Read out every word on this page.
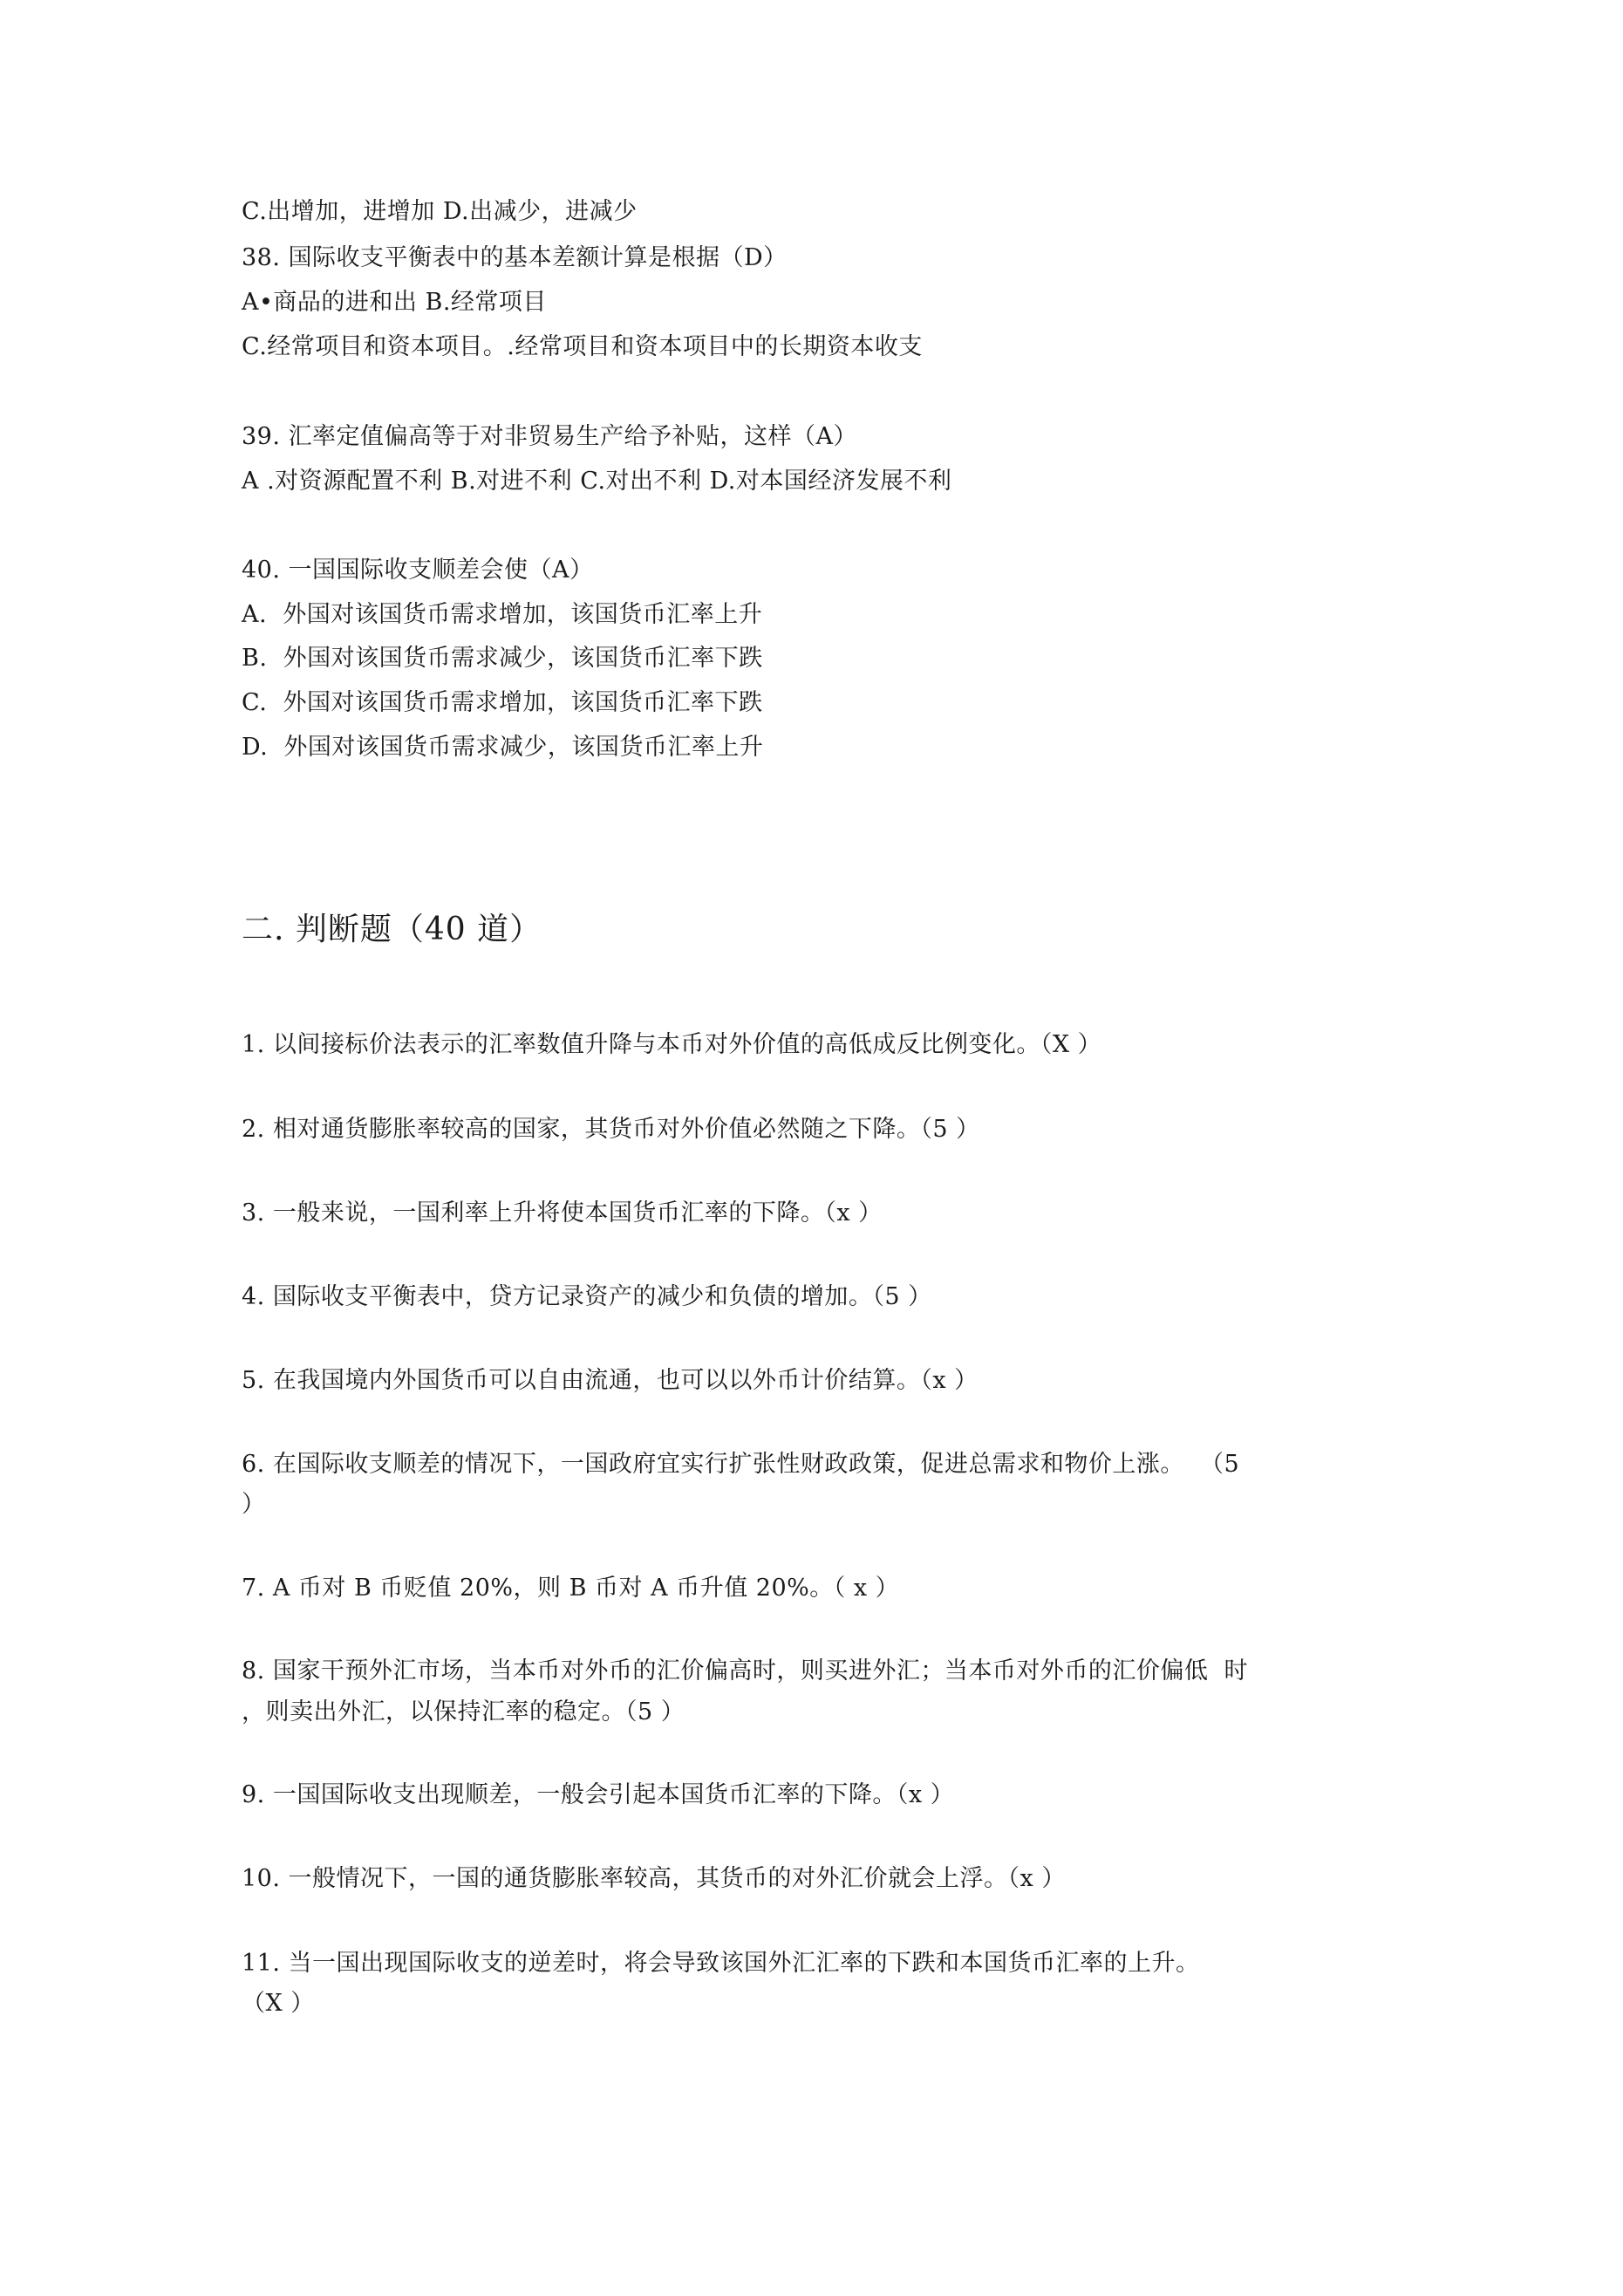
C.出增加，进增加 D.出减少，进减少
38. 国际收支平衡表中的基本差额计算是根据（D）
A•商品的进和出 B.经常项目
C.经常项目和资本项目。.经常项目和资本项目中的长期资本收支
39. 汇率定值偏高等于对非贸易生产给予补贴，这样（A）
A .对资源配置不利 B.对进不利 C.对出不利 D.对本国经济发展不利
40. 一国国际收支顺差会使（A）
A.  外国对该国货币需求增加，该国货币汇率上升
B.  外国对该国货币需求减少，该国货币汇率下跌
C.  外国对该国货币需求增加，该国货币汇率下跌
D.  外国对该国货币需求减少，该国货币汇率上升
二. 判断题（40 道）
1. 以间接标价法表示的汇率数值升降与本币对外价值的高低成反比例变化。（X ）
2. 相对通货膨胀率较高的国家，其货币对外价值必然随之下降。（5 ）
3. 一般来说，一国利率上升将使本国货币汇率的下降。（x ）
4. 国际收支平衡表中，贷方记录资产的减少和负债的增加。（5 ）
5. 在我国境内外国货币可以自由流通，也可以以外币计价结算。（x ）
6. 在国际收支顺差的情况下，一国政府宜实行扩张性财政政策，促进总需求和物价上涨。  （5
）
7. A 币对 B 币贬值 20%，则 B 币对 A 币升值 20%。（ x ）
8. 国家干预外汇市场，当本币对外币的汇价偏高时，则买进外汇；当本币对外币的汇价偏低  时
，则卖出外汇，以保持汇率的稳定。（5 ）
9. 一国国际收支出现顺差，一般会引起本国货币汇率的下降。（x ）
10. 一般情况下，一国的通货膨胀率较高，其货币的对外汇价就会上浮。（x ）
11. 当一国出现国际收支的逆差时，将会导致该国外汇汇率的下跌和本国货币汇率的上升。
（X ）
